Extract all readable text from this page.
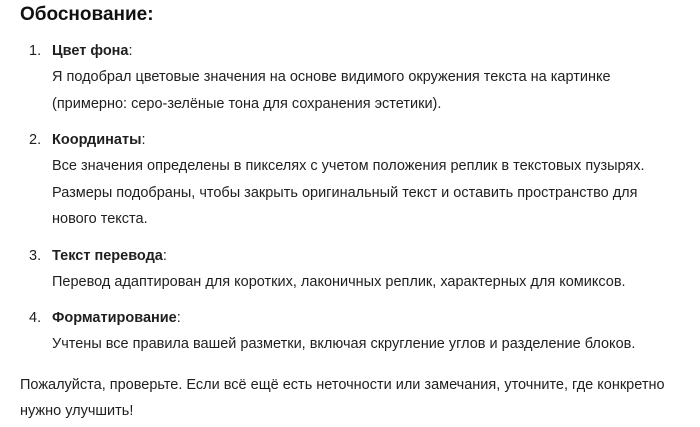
Обоснование:
1. Цвет фона:
Я подобрал цветовые значения на основе видимого окружения текста на картинке
(примерно: серо-зелёные тона для сохранения эстетики).
2. Координаты:
Все значения определены в пикселях с учетом положения реплик в текстовых пузырях.
Размеры подобраны, чтобы закрыть оригинальный текст и оставить пространство для
нового текста.
3. Текст перевода:
Перевод адаптирован для коротких, лаконичных реплик, характерных для комиксов.
4. Форматирование:
Учтены все правила вашей разметки, включая скругление углов и разделение блоков.
Пожалуйста, проверьте. Если всё ещё есть неточности или замечания, уточните, где конкретно
нужно улучшить!
